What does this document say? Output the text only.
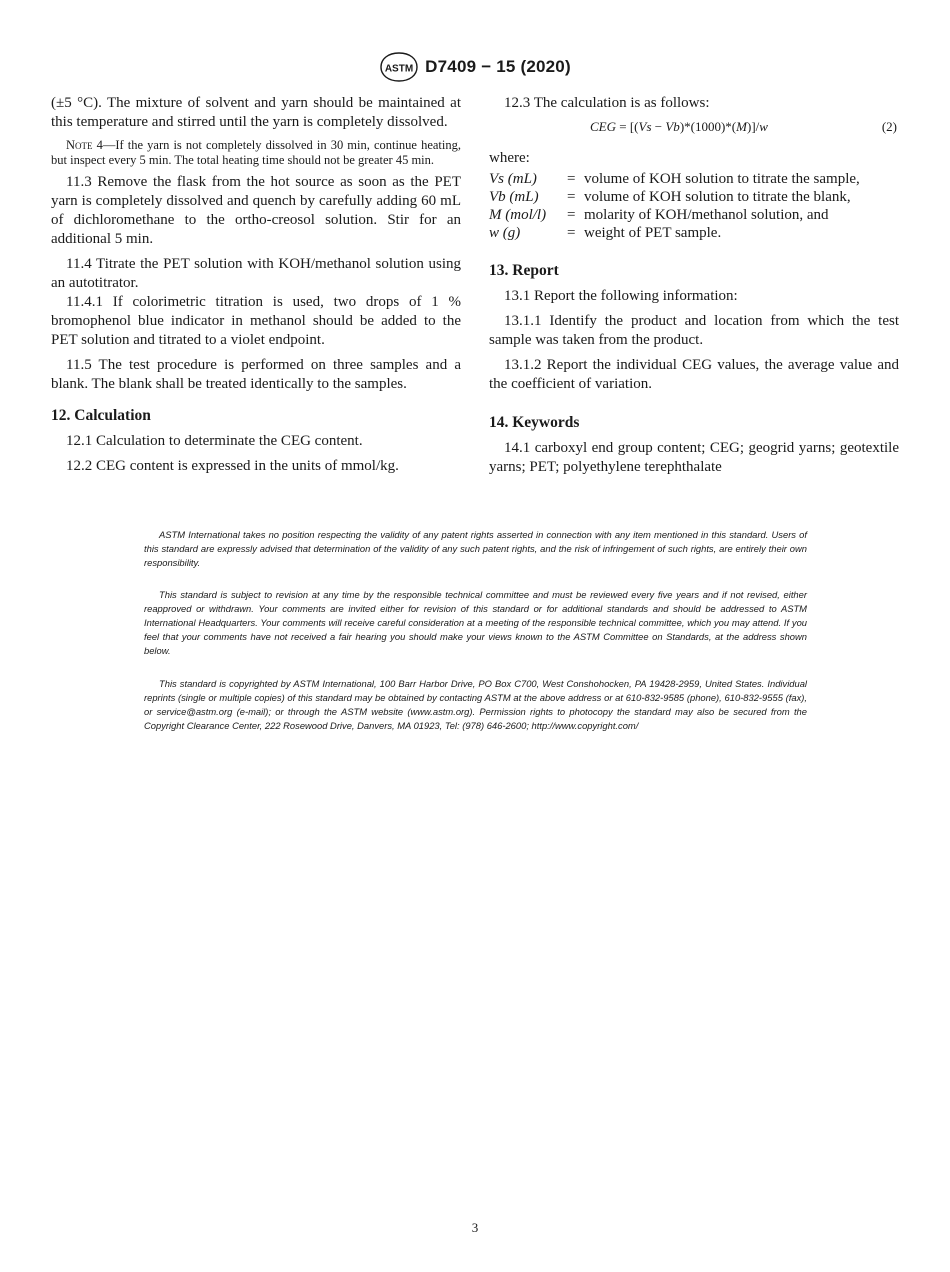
ASTM D7409 − 15 (2020)

(±5 °C). The mixture of solvent and yarn should be maintained at this temperature and stirred until the yarn is completely dissolved.

Note 4—If the yarn is not completely dissolved in 30 min, continue heating, but inspect every 5 min. The total heating time should not be greater 45 min.

11.3 Remove the flask from the hot source as soon as the PET yarn is completely dissolved and quench by carefully adding 60 mL of dichloromethane to the ortho-creosol solution. Stir for an additional 5 min.

11.4 Titrate the PET solution with KOH/methanol solution using an autotitrator.

11.4.1 If colorimetric titration is used, two drops of 1 % bromophenol blue indicator in methanol should be added to the PET solution and titrated to a violet endpoint.

11.5 The test procedure is performed on three samples and a blank. The blank shall be treated identically to the samples.

12. Calculation

12.1 Calculation to determinate the CEG content.

12.2 CEG content is expressed in the units of mmol/kg.

12.3 The calculation is as follows:

CEG = [(Vs − Vb)*(1000)*(M)]/w	(2)

where:

Vs (mL)	=	volume of KOH solution to titrate the sample,
Vb (mL)	=	volume of KOH solution to titrate the blank,
M (mol/l)	=	molarity of KOH/methanol solution, and
w (g)	=	weight of PET sample.

13. Report

13.1 Report the following information:

13.1.1 Identify the product and location from which the test sample was taken from the product.

13.1.2 Report the individual CEG values, the average value and the coefficient of variation.

14. Keywords

14.1 carboxyl end group content; CEG; geogrid yarns; geotextile yarns; PET; polyethylene terephthalate

ASTM International takes no position respecting the validity of any patent rights asserted in connection with any item mentioned in this standard. Users of this standard are expressly advised that determination of the validity of any such patent rights, and the risk of infringement of such rights, are entirely their own responsibility.

This standard is subject to revision at any time by the responsible technical committee and must be reviewed every five years and if not revised, either reapproved or withdrawn. Your comments are invited either for revision of this standard or for additional standards and should be addressed to ASTM International Headquarters. Your comments will receive careful consideration at a meeting of the responsible technical committee, which you may attend. If you feel that your comments have not received a fair hearing you should make your views known to the ASTM Committee on Standards, at the address shown below.

This standard is copyrighted by ASTM International, 100 Barr Harbor Drive, PO Box C700, West Conshohocken, PA 19428-2959, United States. Individual reprints (single or multiple copies) of this standard may be obtained by contacting ASTM at the above address or at 610-832-9585 (phone), 610-832-9555 (fax), or service@astm.org (e-mail); or through the ASTM website (www.astm.org). Permission rights to photocopy the standard may also be secured from the Copyright Clearance Center, 222 Rosewood Drive, Danvers, MA 01923, Tel: (978) 646-2600; http://www.copyright.com/

3
